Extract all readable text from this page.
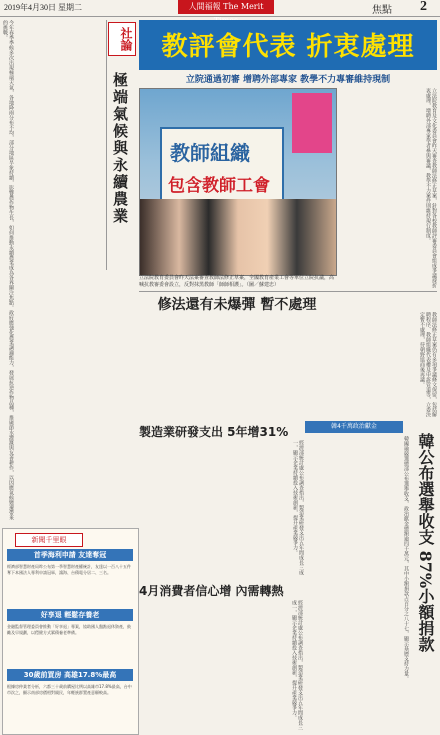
2019年4月30日 星期二	人間福報 The Merit	焦點 2
今年春季季候多次出現極端天氣，各地降雨分布不均，部分地區旱象持續，影響農作物生長，如何推動永續農業成為各界關注焦點。政府應強化農業調適能力，發展抗逆作物品種，推廣節水灌溉與友善耕作，以因應氣候變遷帶來的挑戰。	社論
極端氣候與永續農業
教評會代表 折衷處理
立院通過初審 增聘外部專家 教學不力專審維持現制
教師組織
包含教師工會
立法院教育委員會昨天法案審查教師法修正草案，全國教育產業工會等單位立院抗議，高喊抗教審委會設立，反對抹黑教師「師師相護」。（圖／蘇建忠）	立法院教育及文化委員會昨天審查教師法修正草案，針對各校教師評審委員會組成爭議採折衷處理，增聘外部專家學者參與審議，教學不力案件則維持現行制度。
修法還有未爆彈 暫不處理
教師法修正草案仍有多項爭議條文保留，包括解聘程序、教師組織代表權及申訴管道等，立委決定暫不處理，待朝野協商後再議。
製造業研發支出 5年增31%	韓4千萬政治獻金
經濟部統計處公布調查指出，製造業研發支出五年間成長三成一，顯示企業持續投入技術創新，提升產業競爭力。	韓國瑜競選總部公布選舉收支，政治獻金總額逾四千萬元，其中小額捐款占百分之八十七，顯示基層支持力量。 韓公布選舉收支 87%小額捐款
4月消費者信心增 內需轉熱
經濟部統計處公布調查指出，製造業研發支出五年間成長三成一，顯示企業持續投入技術創新，提升產業競爭力。
新聞千里眼
首季海利申請 友達奪冠
經濟部智慧財產局昨公布第一季智慧財產權統計，友達以一百八十五件奪下本國法人專利申請冠軍，鴻海、台積電分居二、三名。
好享退 輕鬆存養老
金融監督管理委員會推動「好享退」專案，協助國人盤點退休資產，鼓勵及早規劃，以穩健方式累積養老準備。
30歲前買房 高雄17.8%最高
根據房仲業者分析，六都三十歲前購屋比例以高雄市17.8%最高，台中市次之，顯示南部房價相對親民，年輕族群置產意願較高。
